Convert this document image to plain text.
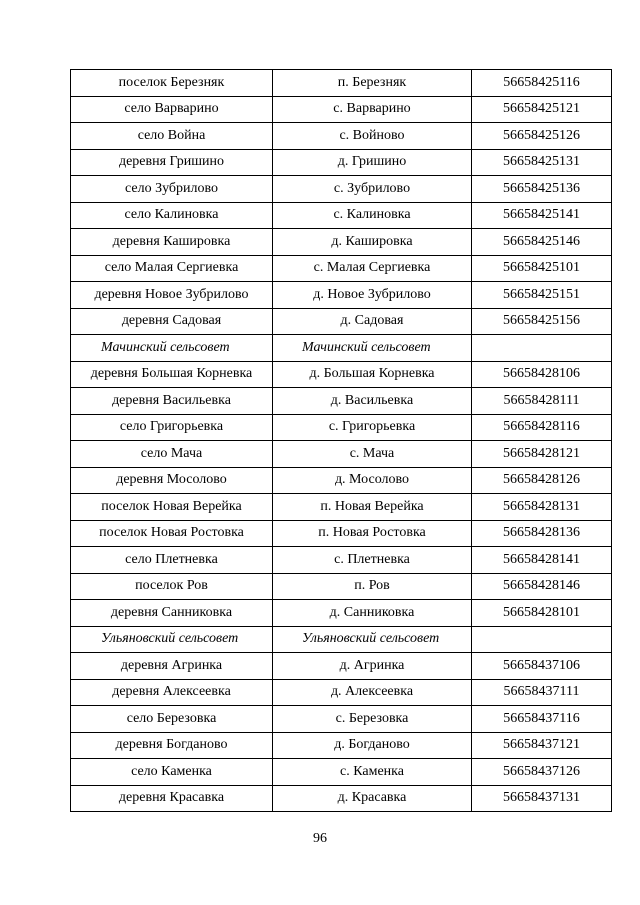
поселок Березняк	п. Березняк	56658425116
село Варварино	с. Варварино	56658425121
село Война	с. Войново	56658425126
деревня Гришино	д. Гришино	56658425131
село Зубрилово	с. Зубрилово	56658425136
село Калиновка	с. Калиновка	56658425141
деревня Кашировка	д. Кашировка	56658425146
село Малая Сергиевка	с. Малая Сергиевка	56658425101
деревня Новое Зубрилово	д. Новое Зубрилово	56658425151
деревня Садовая	д. Садовая	56658425156
Мачинский сельсовет	Мачинский сельсовет	
деревня Большая Корневка	д. Большая Корневка	56658428106
деревня Васильевка	д. Васильевка	56658428111
село Григорьевка	с. Григорьевка	56658428116
село Мача	с. Мача	56658428121
деревня Мосолово	д. Мосолово	56658428126
поселок Новая Верейка	п. Новая Верейка	56658428131
поселок Новая Ростовка	п. Новая Ростовка	56658428136
село Плетневка	с. Плетневка	56658428141
поселок Ров	п. Ров	56658428146
деревня Санниковка	д. Санниковка	56658428101
Ульяновский сельсовет	Ульяновский сельсовет	
деревня Агринка	д. Агринка	56658437106
деревня Алексеевка	д. Алексеевка	56658437111
село Березовка	с. Березовка	56658437116
деревня Богданово	д. Богданово	56658437121
село Каменка	с. Каменка	56658437126
деревня Красавка	д. Красавка	56658437131
96
